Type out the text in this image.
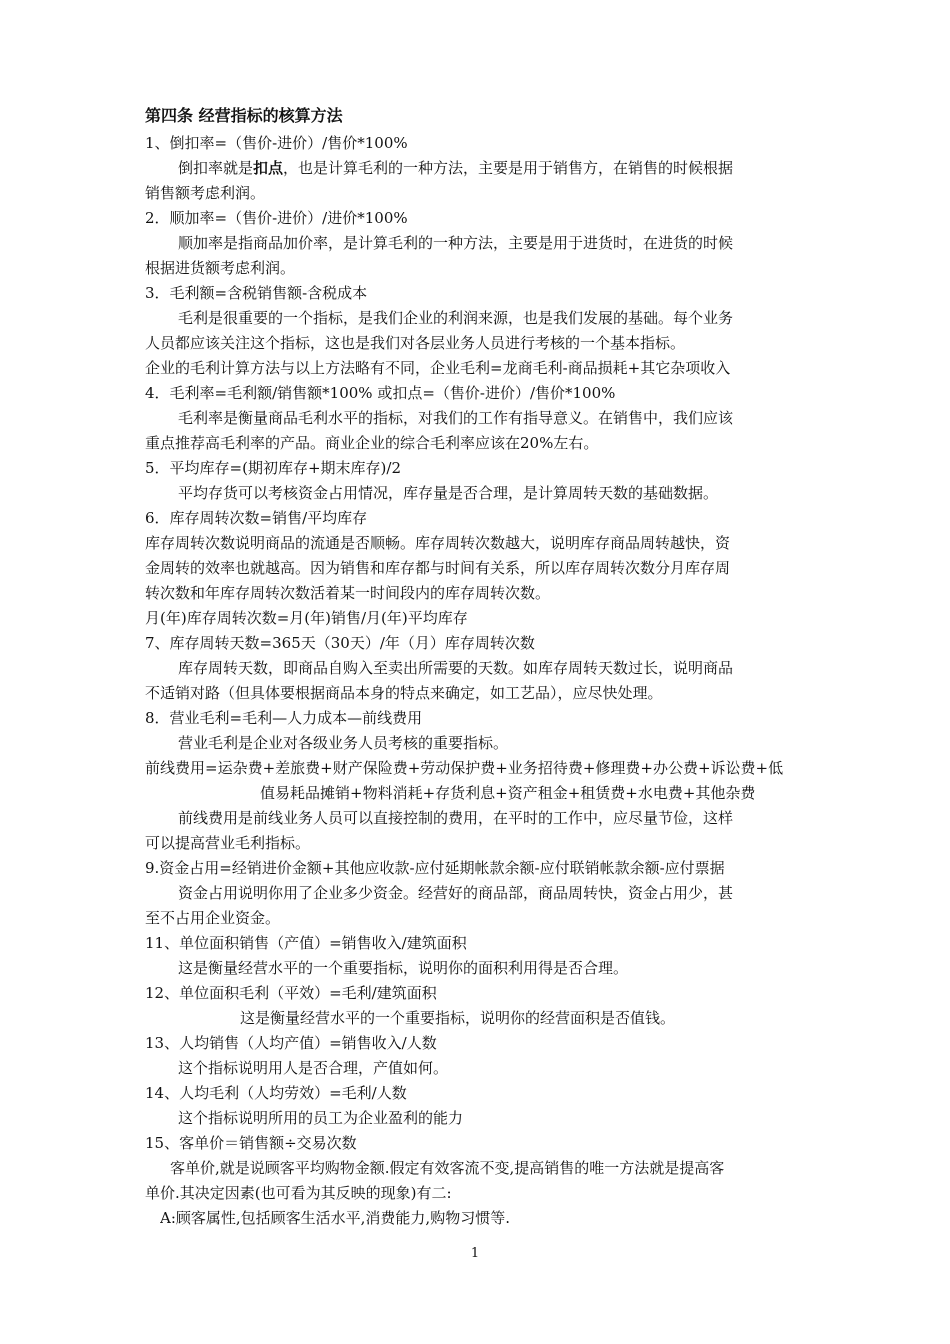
第四条 经营指标的核算方法
1、倒扣率=（售价-进价）/售价*100%
倒扣率就是扣点，也是计算毛利的一种方法，主要是用于销售方，在销售的时候根据
销售额考虑利润。
2．顺加率=（售价-进价）/进价*100%
顺加率是指商品加价率，是计算毛利的一种方法，主要是用于进货时，在进货的时候
根据进货额考虑利润。
3．毛利额=含税销售额-含税成本
毛利是很重要的一个指标，是我们企业的利润来源，也是我们发展的基础。每个业务
人员都应该关注这个指标，这也是我们对各层业务人员进行考核的一个基本指标。
企业的毛利计算方法与以上方法略有不同，企业毛利=龙商毛利-商品损耗+其它杂项收入
4．毛利率=毛利额/销售额*100% 或扣点=（售价-进价）/售价*100%
毛利率是衡量商品毛利水平的指标，对我们的工作有指导意义。在销售中，我们应该
重点推荐高毛利率的产品。商业企业的综合毛利率应该在20%左右。
5．平均库存=(期初库存+期末库存)/2
平均存货可以考核资金占用情况，库存量是否合理，是计算周转天数的基础数据。
6．库存周转次数=销售/平均库存
库存周转次数说明商品的流通是否顺畅。库存周转次数越大，说明库存商品周转越快，资
金周转的效率也就越高。因为销售和库存都与时间有关系，所以库存周转次数分月库存周
转次数和年库存周转次数活着某一时间段内的库存周转次数。
月(年)库存周转次数=月(年)销售/月(年)平均库存
7、库存周转天数=365天（30天）/年（月）库存周转次数
库存周转天数，即商品自购入至卖出所需要的天数。如库存周转天数过长，说明商品
不适销对路（但具体要根据商品本身的特点来确定，如工艺品），应尽快处理。
8．营业毛利=毛利—人力成本—前线费用
营业毛利是企业对各级业务人员考核的重要指标。
前线费用=运杂费+差旅费+财产保险费+劳动保护费+业务招待费+修理费+办公费+诉讼费+低
值易耗品摊销+物料消耗+存货利息+资产租金+租赁费+水电费+其他杂费
前线费用是前线业务人员可以直接控制的费用，在平时的工作中，应尽量节俭，这样
可以提高营业毛利指标。
9.资金占用=经销进价金额+其他应收款-应付延期帐款余额-应付联销帐款余额-应付票据
资金占用说明你用了企业多少资金。经营好的商品部，商品周转快，资金占用少，甚
至不占用企业资金。
11、单位面积销售（产值）=销售收入/建筑面积
这是衡量经营水平的一个重要指标，说明你的面积利用得是否合理。
12、单位面积毛利（平效）=毛利/建筑面积
这是衡量经营水平的一个重要指标，说明你的经营面积是否值钱。
13、人均销售（人均产值）=销售收入/人数
这个指标说明用人是否合理，产值如何。
14、人均毛利（人均劳效）=毛利/人数
这个指标说明所用的员工为企业盈利的能力
15、客单价＝销售额÷交易次数
客单价,就是说顾客平均购物金额.假定有效客流不变,提高销售的唯一方法就是提高客
单价.其决定因素(也可看为其反映的现象)有二:
A:顾客属性,包括顾客生活水平,消费能力,购物习惯等.
1
